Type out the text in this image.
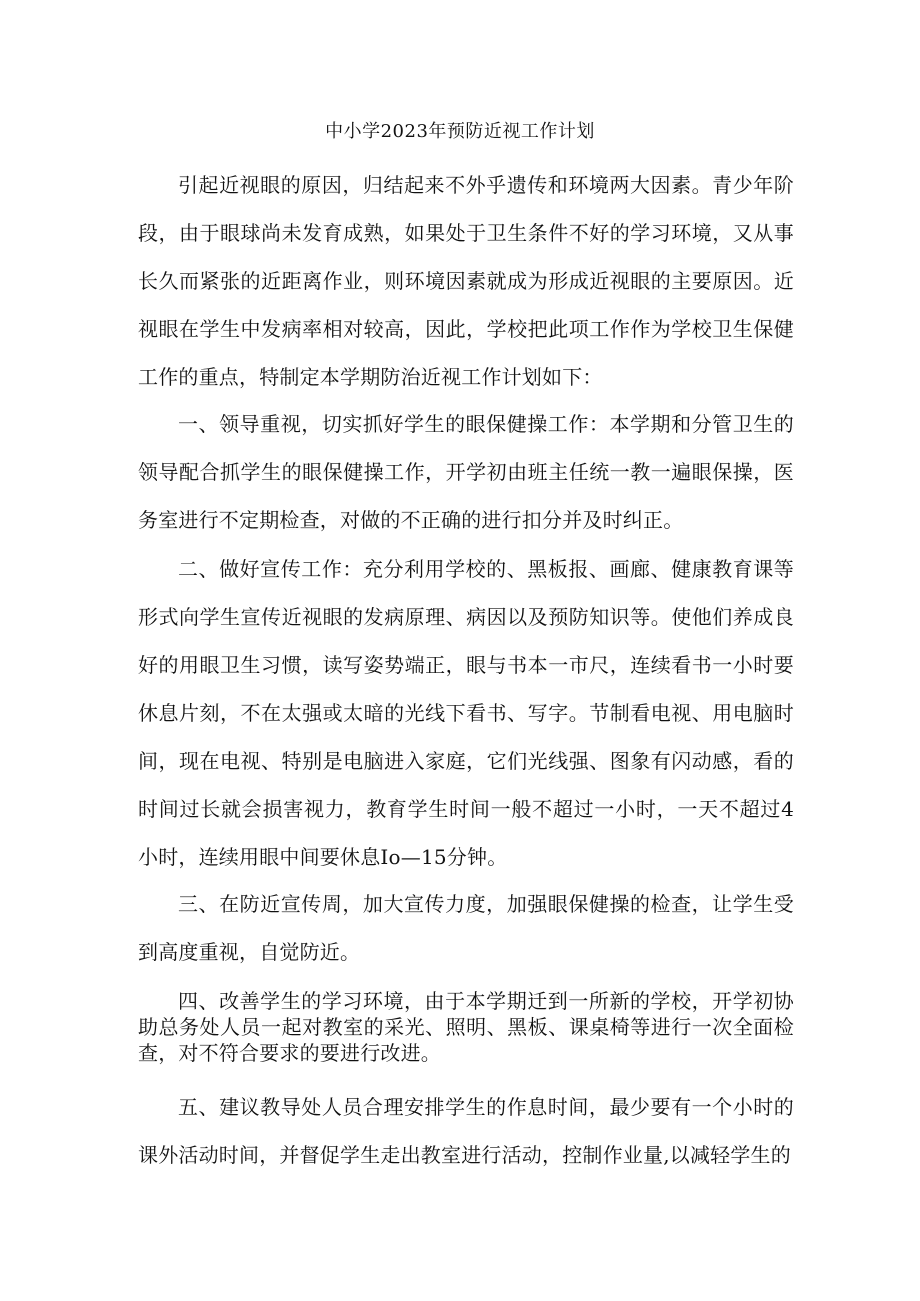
中小学2023年预防近视工作计划

引起近视眼的原因，归结起来不外乎遗传和环境两大因素。青少年阶段，由于眼球尚未发育成熟，如果处于卫生条件不好的学习环境，又从事长久而紧张的近距离作业，则环境因素就成为形成近视眼的主要原因。近视眼在学生中发病率相对较高，因此，学校把此项工作作为学校卫生保健工作的重点，特制定本学期防治近视工作计划如下：

一、领导重视，切实抓好学生的眼保健操工作：本学期和分管卫生的领导配合抓学生的眼保健操工作，开学初由班主任统一教一遍眼保操，医务室进行不定期检查，对做的不正确的进行扣分并及时纠正。

二、做好宣传工作：充分利用学校的、黑板报、画廊、健康教育课等形式向学生宣传近视眼的发病原理、病因以及预防知识等。使他们养成良好的用眼卫生习惯，读写姿势端正，眼与书本一市尺，连续看书一小时要休息片刻，不在太强或太暗的光线下看书、写字。节制看电视、用电脑时间，现在电视、特别是电脑进入家庭，它们光线强、图象有闪动感，看的时间过长就会损害视力，教育学生时间一般不超过一小时，一天不超过4小时，连续用眼中间要休息Io—15分钟。

三、在防近宣传周，加大宣传力度，加强眼保健操的检查，让学生受到高度重视，自觉防近。

四、改善学生的学习环境，由于本学期迁到一所新的学校，开学初协助总务处人员一起对教室的采光、照明、黑板、课桌椅等进行一次全面检查，对不符合要求的要进行改进。

五、建议教导处人员合理安排学生的作息时间，最少要有一个小时的课外活动时间，并督促学生走出教室进行活动，控制作业量,以减轻学生的
